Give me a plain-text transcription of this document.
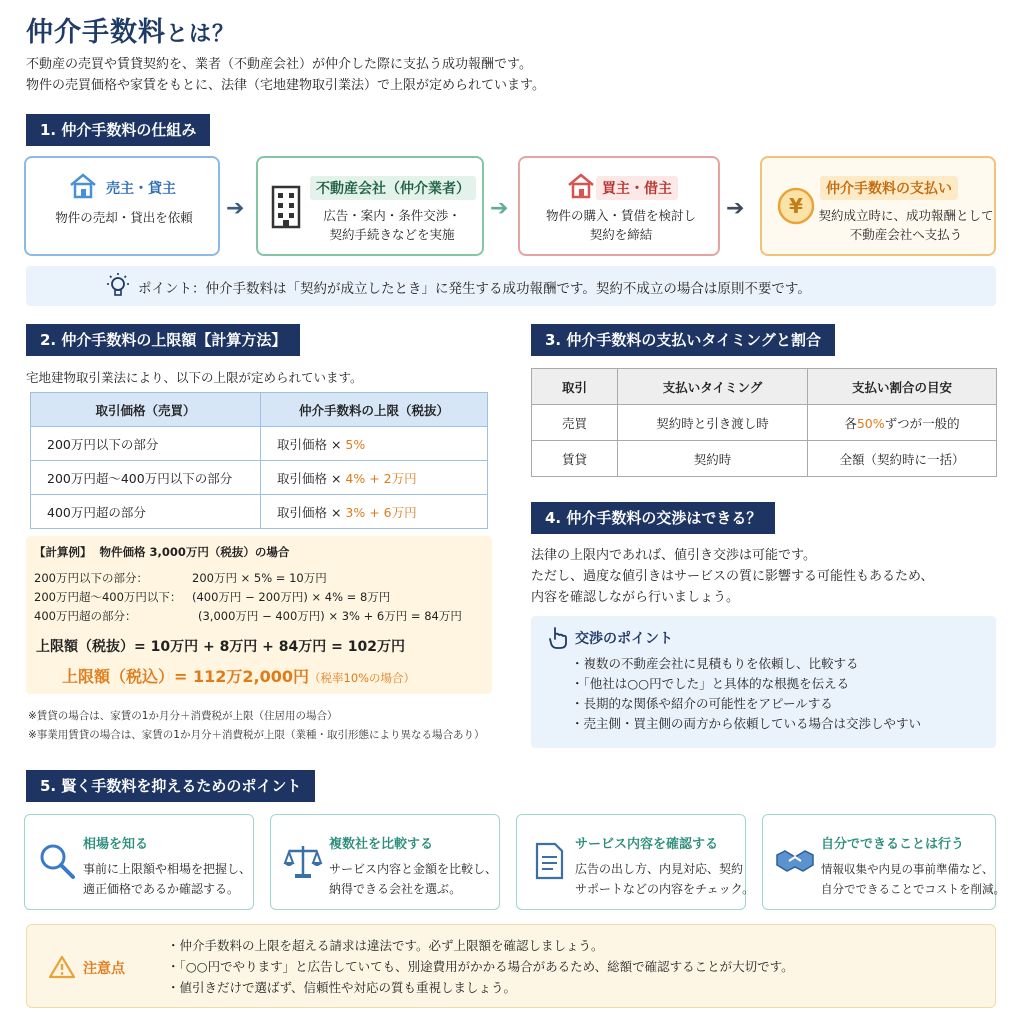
仲介手数料とは？
不動産の売買や賃貸契約を、業者（不動産会社）が仲介した際に支払う成功報酬です。
物件の売買価格や家賃をもとに、法律（宅地建物取引業法）で上限が定められています。
1. 仲介手数料の仕組み
売主・貸主
物件の売却・貸出を依頼	➔
不動産会社（仲介業者）
広告・案内・条件交渉・
契約手続きなどを実施
➔
買主・借主
物件の購入・賃借を検討し
契約を締結
➔ ¥
仲介手数料の支払い
契約成立時に、成功報酬として
不動産会社へ支払う
ポイント：仲介手数料は「契約が成立したとき」に発生する成功報酬です。契約不成立の場合は原則不要です。
2. 仲介手数料の上限額【計算方法】
宅地建物取引業法により、以下の上限が定められています。
取引価格（売買）	仲介手数料の上限（税抜）
200万円以下の部分	取引価格 × 5%
200万円超～400万円以下の部分	取引価格 × 4% + 2万円
400万円超の部分	取引価格 × 3% + 6万円
【計算例】 物件価格 3,000万円（税抜）の場合
200万円以下の部分：	200万円 × 5% = 10万円
200万円超～400万円以下： (400万円 − 200万円) × 4% = 8万円
400万円超の部分：	(3,000万円 − 400万円) × 3% + 6万円 = 84万円
上限額（税抜）= 10万円 + 8万円 + 84万円 = 102万円
上限額（税込）= 112万2,000円（税率10%の場合）
※賃貸の場合は、家賃の1か月分＋消費税が上限（住居用の場合）
※事業用賃貸の場合は、家賃の1か月分＋消費税が上限（業種・取引形態により異なる場合あり）
3. 仲介手数料の支払いタイミングと割合
取引	支払いタイミング	支払い割合の目安
売買	契約時と引き渡し時	各50%ずつが一般的
賃貸	契約時	全額（契約時に一括）
4. 仲介手数料の交渉はできる？
法律の上限内であれば、値引き交渉は可能です。
ただし、過度な値引きはサービスの質に影響する可能性もあるため、
内容を確認しながら行いましょう。
交渉のポイント
・ 複数の不動産会社に見積もりを依頼し、比較する
・ 「他社は○○円でした」と具体的な根拠を伝える
・ 長期的な関係や紹介の可能性をアピールする
・ 売主側・買主側の両方から依頼している場合は交渉しやすい
5. 賢く手数料を抑えるためのポイント
相場を知る
事前に上限額や相場を把握し、
適正価格であるか確認する。
複数社を比較する
サービス内容と金額を比較し、
納得できる会社を選ぶ。
サービス内容を確認する
広告の出し方、内見対応、契約
サポートなどの内容をチェック。
自分でできることは行う
情報収集や内見の事前準備など、
自分でできることでコストを削減。
注意点
・ 仲介手数料の上限を超える請求は違法です。必ず上限額を確認しましょう。
・ 「○○円でやります」と広告していても、別途費用がかかる場合があるため、総額で確認することが大切です。
・ 値引きだけで選ばず、信頼性や対応の質も重視しましょう。
